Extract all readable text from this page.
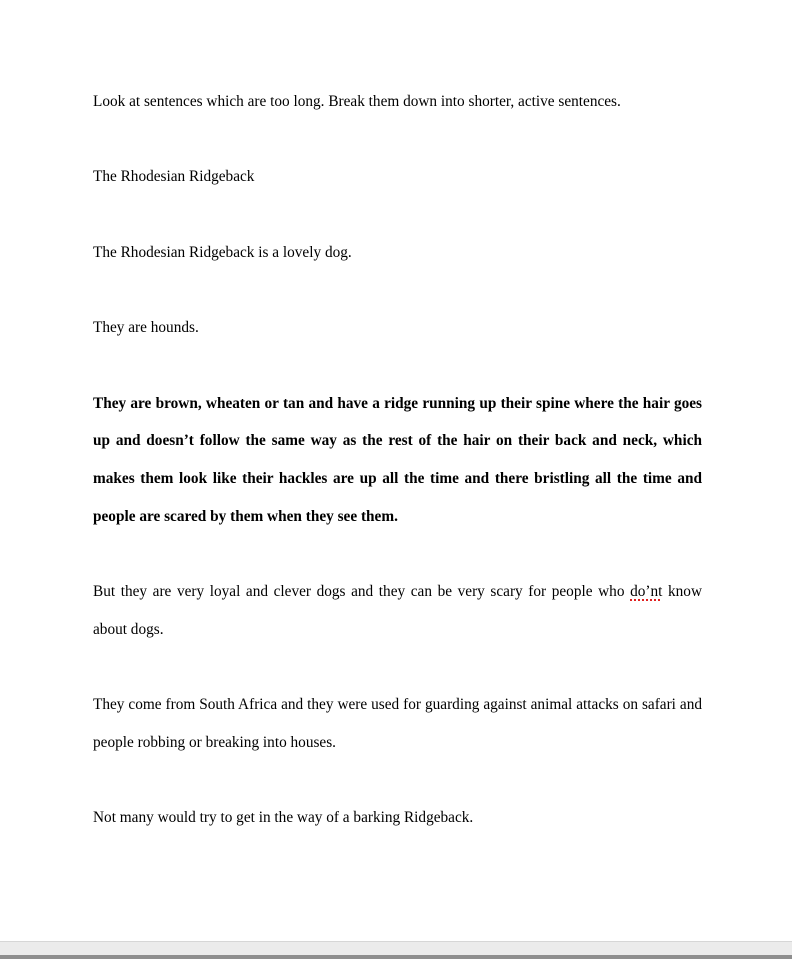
Look at sentences which are too long. Break them down into shorter, active sentences.

The Rhodesian Ridgeback

The Rhodesian Ridgeback is a lovely dog.

They are hounds.

They are brown, wheaten or tan and have a ridge running up their spine where the hair goes up and doesn’t follow the same way as the rest of the hair on their back and neck, which makes them look like their hackles are up all the time and there bristling all the time and people are scared by them when they see them.

But they are very loyal and clever dogs and they can be very scary for people who do’nt know about dogs.

They come from South Africa and they were used for guarding against animal attacks on safari and people robbing or breaking into houses.

Not many would try to get in the way of a barking Ridgeback.
